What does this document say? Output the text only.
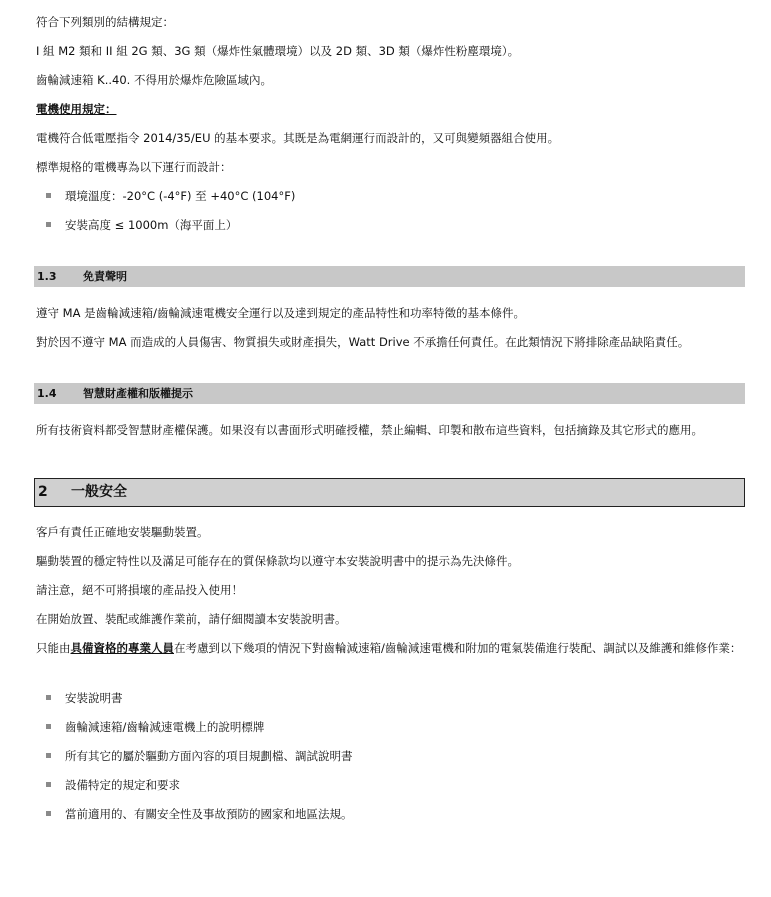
符合下列類別的結構規定：
I 組 M2 類和 II 組 2G 類、3G 類（爆炸性氣體環境）以及 2D 類、3D 類（爆炸性粉塵環境）。
齒輪減速箱 K..40. 不得用於爆炸危險區域內。
電機使用規定：
電機符合低電壓指令 2014/35/EU 的基本要求。其既是為電網運行而設計的，又可與變頻器組合使用。
標準規格的電機專為以下運行而設計：
環境溫度：-20°C (-4°F) 至 +40°C (104°F)
安裝高度 ≤ 1000m（海平面上）
1.3 免責聲明
遵守 MA 是齒輪減速箱/齒輪減速電機安全運行以及達到規定的產品特性和功率特徵的基本條件。
對於因不遵守 MA 而造成的人員傷害、物質損失或財產損失，Watt Drive 不承擔任何責任。在此類情況下將排除產品缺陷責任。
1.4 智慧財產權和版權提示
所有技術資料都受智慧財產權保護。如果沒有以書面形式明確授權，禁止編輯、印製和散布這些資料，包括摘錄及其它形式的應用。
2 一般安全
客戶有責任正確地安裝驅動裝置。
驅動裝置的穩定特性以及滿足可能存在的質保條款均以遵守本安裝說明書中的提示為先決條件。
請注意，絕不可將損壞的產品投入使用！
在開始放置、裝配或維護作業前，請仔細閱讀本安裝說明書。
只能由具備資格的專業人員在考慮到以下幾項的情況下對齒輪減速箱/齒輪減速電機和附加的電氣裝備進行裝配、調試以及維護和維修作業：
安裝說明書
齒輪減速箱/齒輪減速電機上的說明標牌
所有其它的屬於驅動方面內容的項目規劃檔、調試說明書
設備特定的規定和要求
當前適用的、有關安全性及事故預防的國家和地區法規。
